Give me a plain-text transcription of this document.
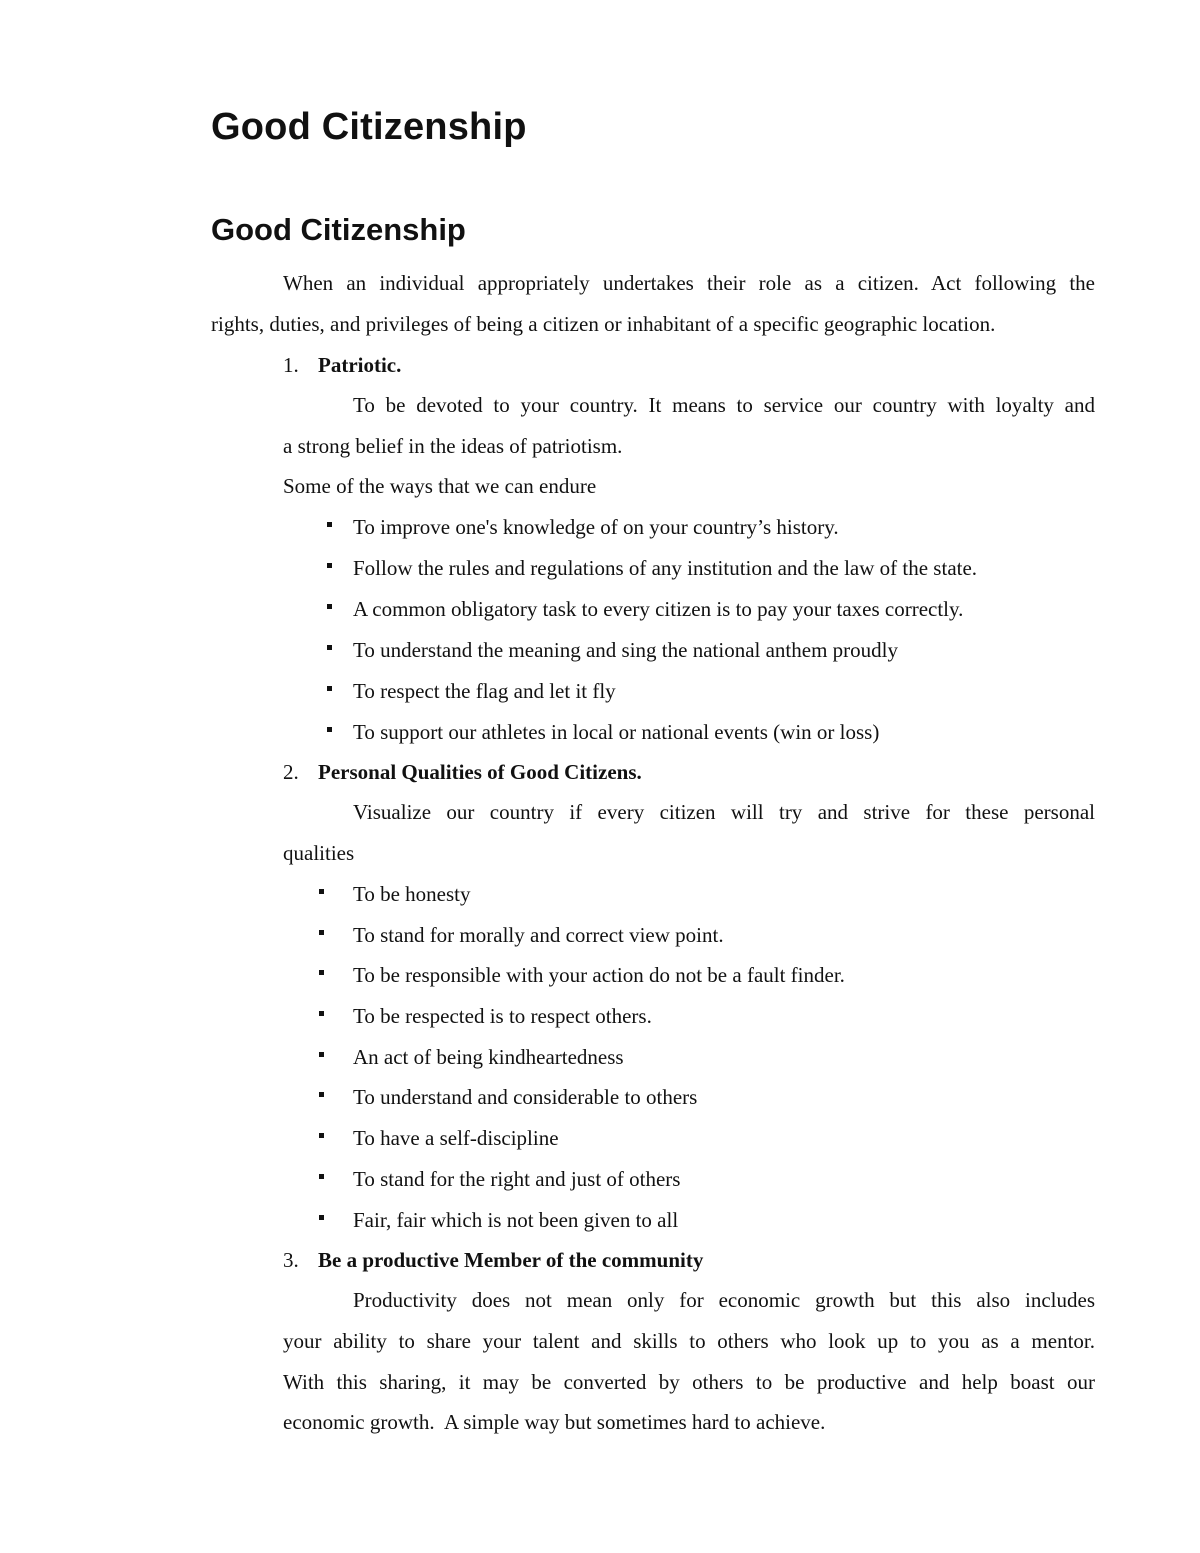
Good Citizenship
Good Citizenship
When an individual appropriately undertakes their role as a citizen. Act following the
rights, duties, and privileges of being a citizen or inhabitant of a specific geographic location.
1. Patriotic.
To be devoted to your country. It means to service our country with loyalty and
a strong belief in the ideas of patriotism.
Some of the ways that we can endure
To improve one's knowledge of on your country’s history.
Follow the rules and regulations of any institution and the law of the state.
A common obligatory task to every citizen is to pay your taxes correctly.
To understand the meaning and sing the national anthem proudly
To respect the flag and let it fly
To support our athletes in local or national events (win or loss)
2. Personal Qualities of Good Citizens.
Visualize our country if every citizen will try and strive for these personal
qualities
To be honesty
To stand for morally and correct view point.
To be responsible with your action do not be a fault finder.
To be respected is to respect others.
An act of being kindheartedness
To understand and considerable to others
To have a self-discipline
To stand for the right and just of others
Fair, fair which is not been given to all
3. Be a productive Member of the community
Productivity does not mean only for economic growth but this also includes
your ability to share your talent and skills to others who look up to you as a mentor.
With this sharing, it may be converted by others to be productive and help boast our
economic growth.  A simple way but sometimes hard to achieve.
